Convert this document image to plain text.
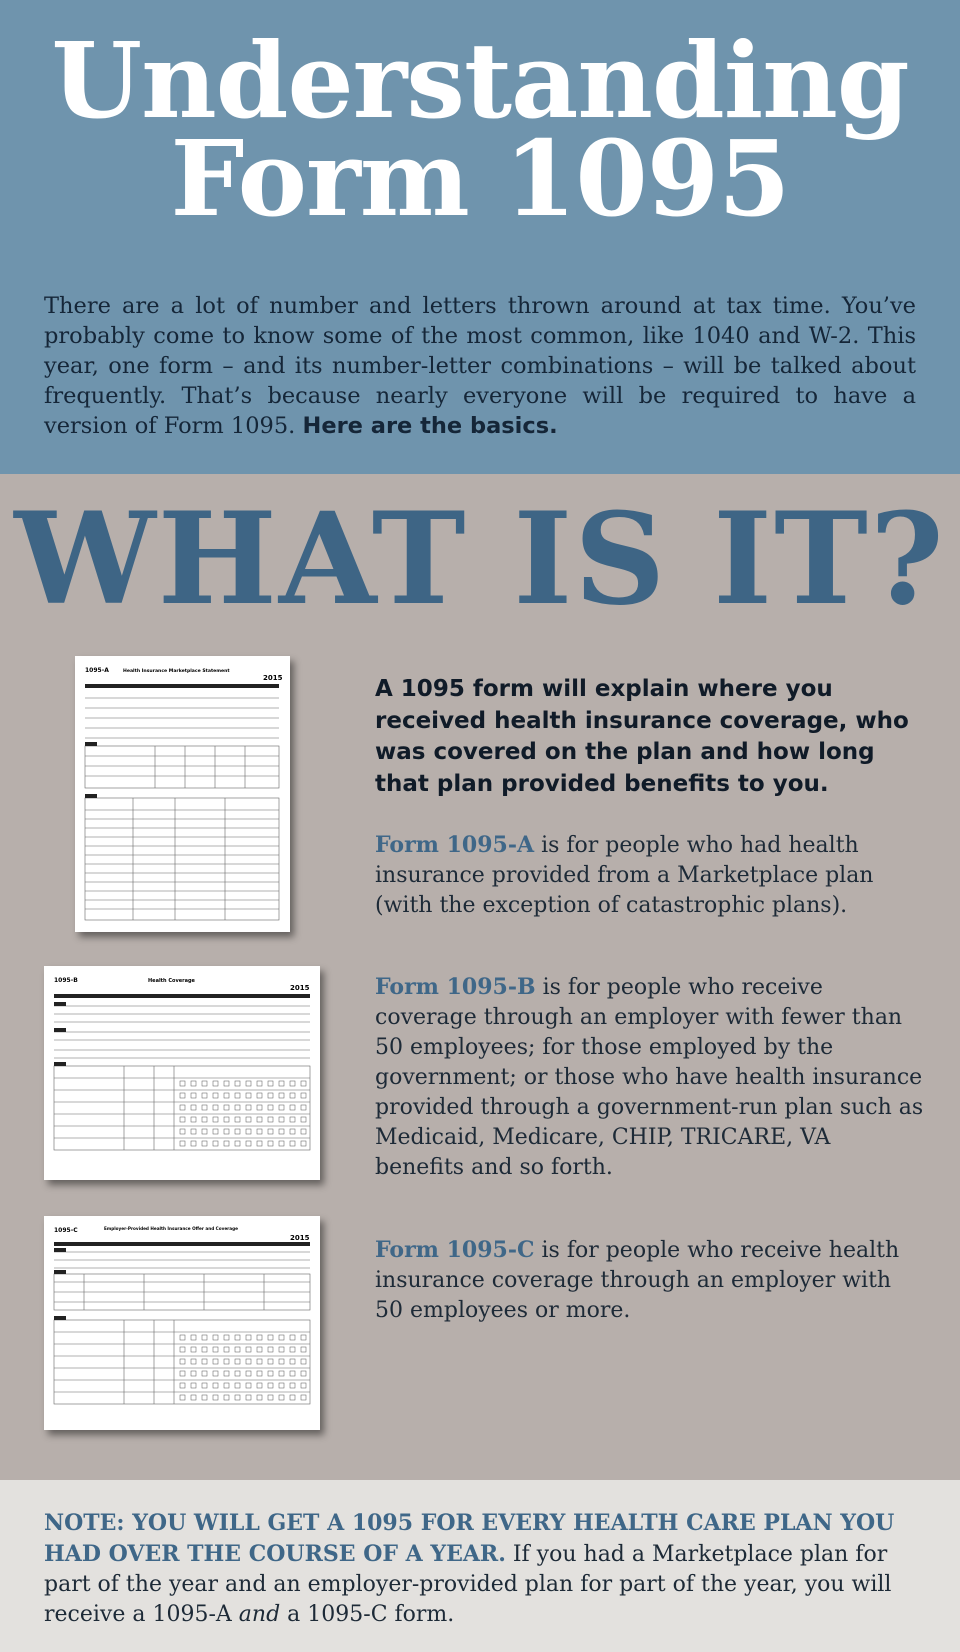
Understanding
Form 1095

There are a lot of number and letters thrown around at tax time. You’ve probably come to know some of the most common, like 1040 and W-2. This year, one form – and its number-letter combinations – will be talked about frequently. That’s because nearly everyone will be required to have a version of Form 1095. Here are the basics.

WHAT IS IT?
1095-A	Health Insurance Marketplace Statement
2015
1095-B	Health Coverage
2015
1095-C	Employer-Provided Health Insurance Offer and Coverage
2015
A 1095 form will explain where you received health insurance coverage, who was covered on the plan and how long that plan provided benefits to you.

Form 1095-A is for people who had health insurance provided from a Marketplace plan (with the exception of catastrophic plans).

Form 1095-B is for people who receive coverage through an employer with fewer than 50 employees; for those employed by the government; or those who have health insurance provided through a government-run plan such as Medicaid, Medicare, CHIP, TRICARE, VA benefits and so forth.

Form 1095-C is for people who receive health insurance coverage through an employer with 50 employees or more.

NOTE: YOU WILL GET A 1095 FOR EVERY HEALTH CARE PLAN YOU HAD OVER THE COURSE OF A YEAR. If you had a Marketplace plan for part of the year and an employer-provided plan for part of the year, you will receive a 1095-A and a 1095-C form.
